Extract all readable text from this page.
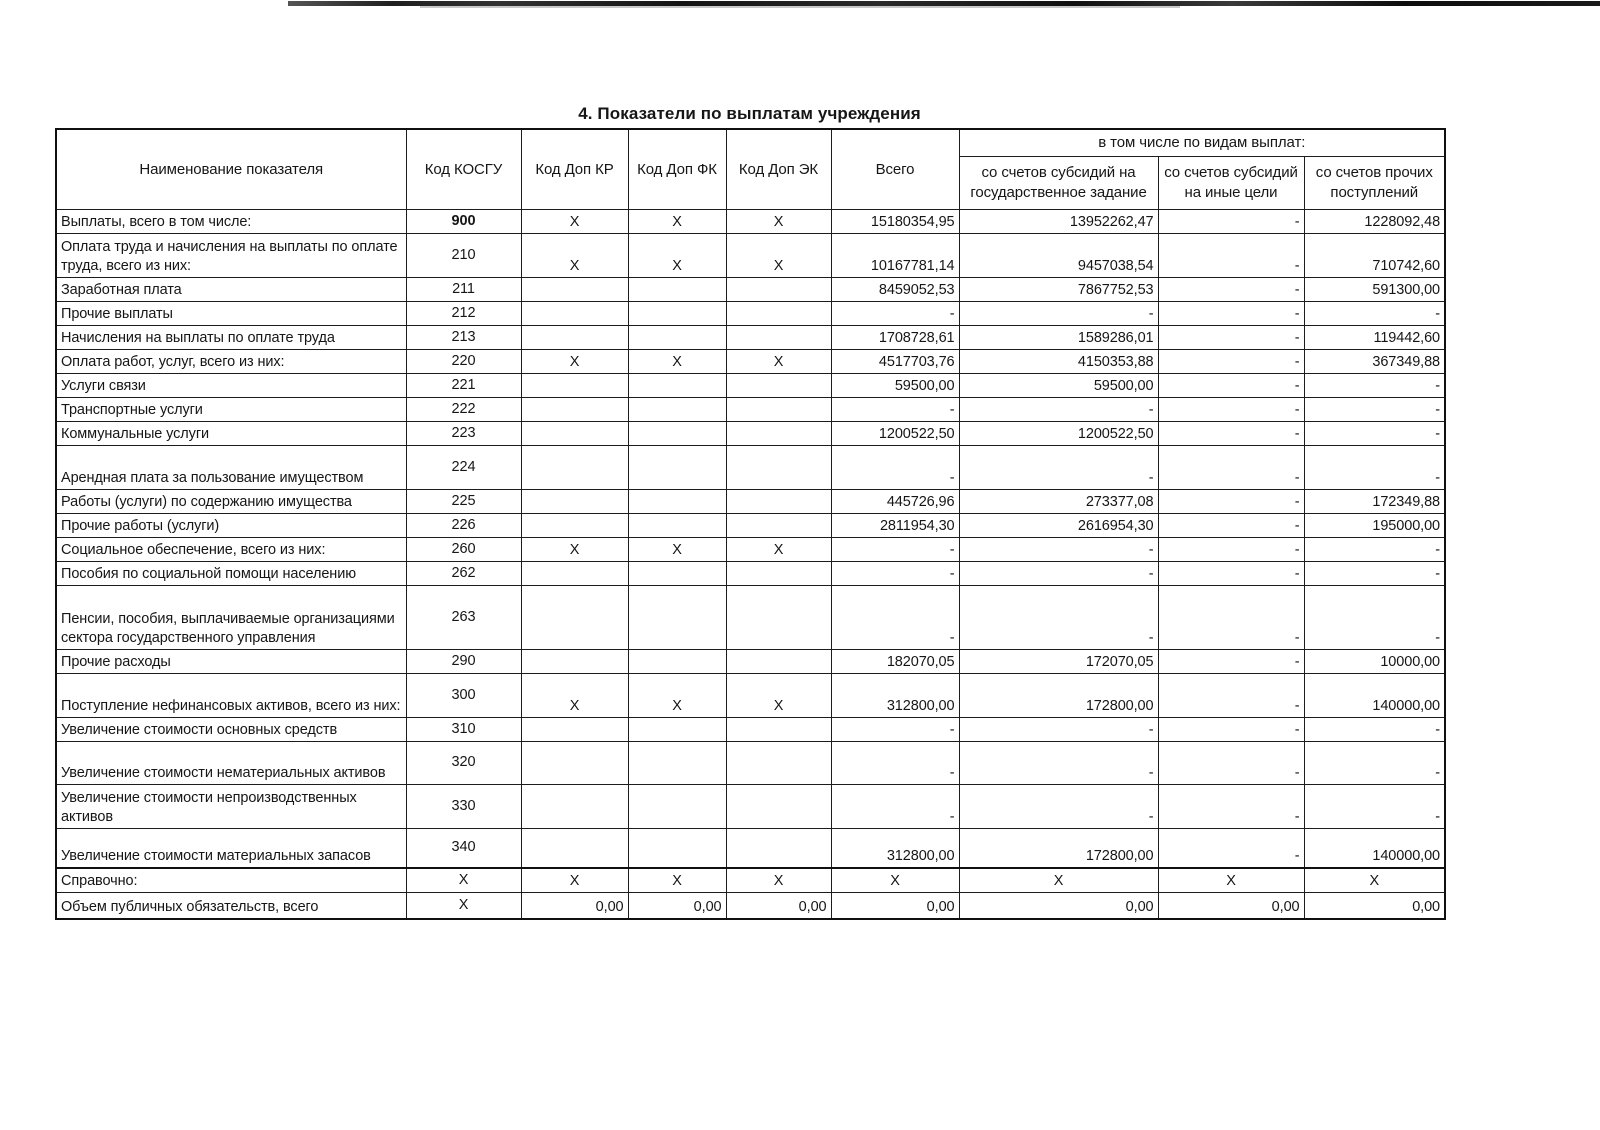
4. Показатели по выплатам учреждения
Наименование показателя	Код КОСГУ	Код Доп КР	Код Доп ФК	Код Доп ЭК	Всего	в том числе по видам выплат:		
						со счетов субсидий на государственное задание	со счетов субсидий на иные цели	со счетов прочих поступлений
Выплаты, всего в том числе:	900	Х	Х	Х	15180354,95	13952262,47	-	1228092,48
Оплата труда и начисления на выплаты по оплате труда, всего из них:	210	Х	Х	Х	10167781,14	9457038,54	-	710742,60
Заработная плата	211				8459052,53	7867752,53	-	591300,00
Прочие выплаты	212				-	-	-	-
Начисления на выплаты по оплате труда	213				1708728,61	1589286,01	-	119442,60
Оплата работ, услуг, всего из них:	220	Х	Х	Х	4517703,76	4150353,88	-	367349,88
Услуги связи	221				59500,00	59500,00	-	-
Транспортные услуги	222				-	-	-	-
Коммунальные услуги	223				1200522,50	1200522,50	-	-
Арендная плата за пользование имуществом	224				-	-	-	-
Работы (услуги) по содержанию имущества	225				445726,96	273377,08	-	172349,88
Прочие работы (услуги)	226				2811954,30	2616954,30	-	195000,00
Социальное обеспечение, всего из них:	260	Х	Х	Х	-	-	-	-
Пособия по социальной помощи населению	262				-	-	-	-
Пенсии, пособия, выплачиваемые организациями сектора государственного управления	263				-	-	-	-
Прочие расходы	290				182070,05	172070,05	-	10000,00
Поступление нефинансовых активов, всего из них:	300	Х	Х	Х	312800,00	172800,00	-	140000,00
Увеличение стоимости основных средств	310				-	-	-	-
Увеличение стоимости нематериальных активов	320				-	-	-	-
Увеличение стоимости непроизводственных активов	330				-	-	-	-
Увеличение стоимости материальных запасов	340				312800,00	172800,00	-	140000,00
Справочно:	Х	Х	Х	Х	Х	Х	Х	Х
Объем публичных обязательств, всего	Х	0,00	0,00	0,00	0,00	0,00	0,00	0,00
